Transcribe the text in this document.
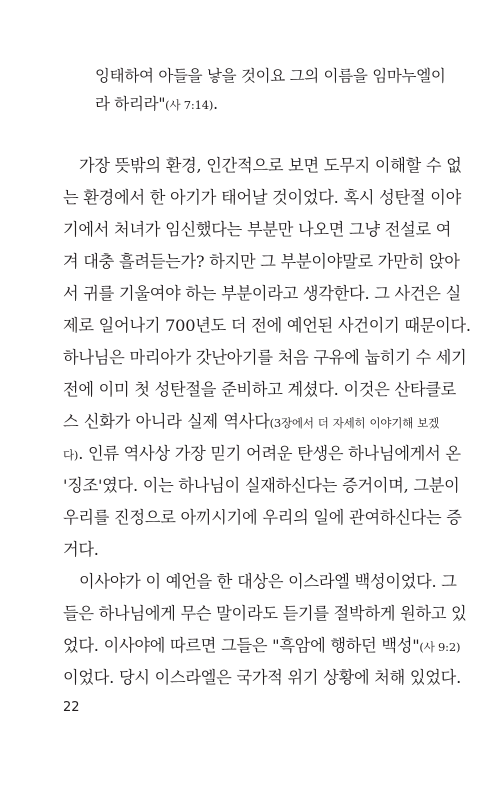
잉태하여 아들을 낳을 것이요 그의 이름을 임마누엘이
라 하리라"(사 7:14).
가장 뜻밖의 환경, 인간적으로 보면 도무지 이해할 수 없
는 환경에서 한 아기가 태어날 것이었다. 혹시 성탄절 이야
기에서 처녀가 임신했다는 부분만 나오면 그냥 전설로 여
겨 대충 흘려듣는가? 하지만 그 부분이야말로 가만히 앉아
서 귀를 기울여야 하는 부분이라고 생각한다. 그 사건은 실
제로 일어나기 700년도 더 전에 예언된 사건이기 때문이다.
하나님은 마리아가 갓난아기를 처음 구유에 눕히기 수 세기
전에 이미 첫 성탄절을 준비하고 계셨다. 이것은 산타클로
스 신화가 아니라 실제 역사다(3장에서 더 자세히 이야기해 보겠
다). 인류 역사상 가장 믿기 어려운 탄생은 하나님에게서 온
'징조'였다. 이는 하나님이 실재하신다는 증거이며, 그분이
우리를 진정으로 아끼시기에 우리의 일에 관여하신다는 증
거다.
이사야가 이 예언을 한 대상은 이스라엘 백성이었다. 그
들은 하나님에게 무슨 말이라도 듣기를 절박하게 원하고 있
었다. 이사야에 따르면 그들은 "흑암에 행하던 백성"(사 9:2)
이었다. 당시 이스라엘은 국가적 위기 상황에 처해 있었다.
22
